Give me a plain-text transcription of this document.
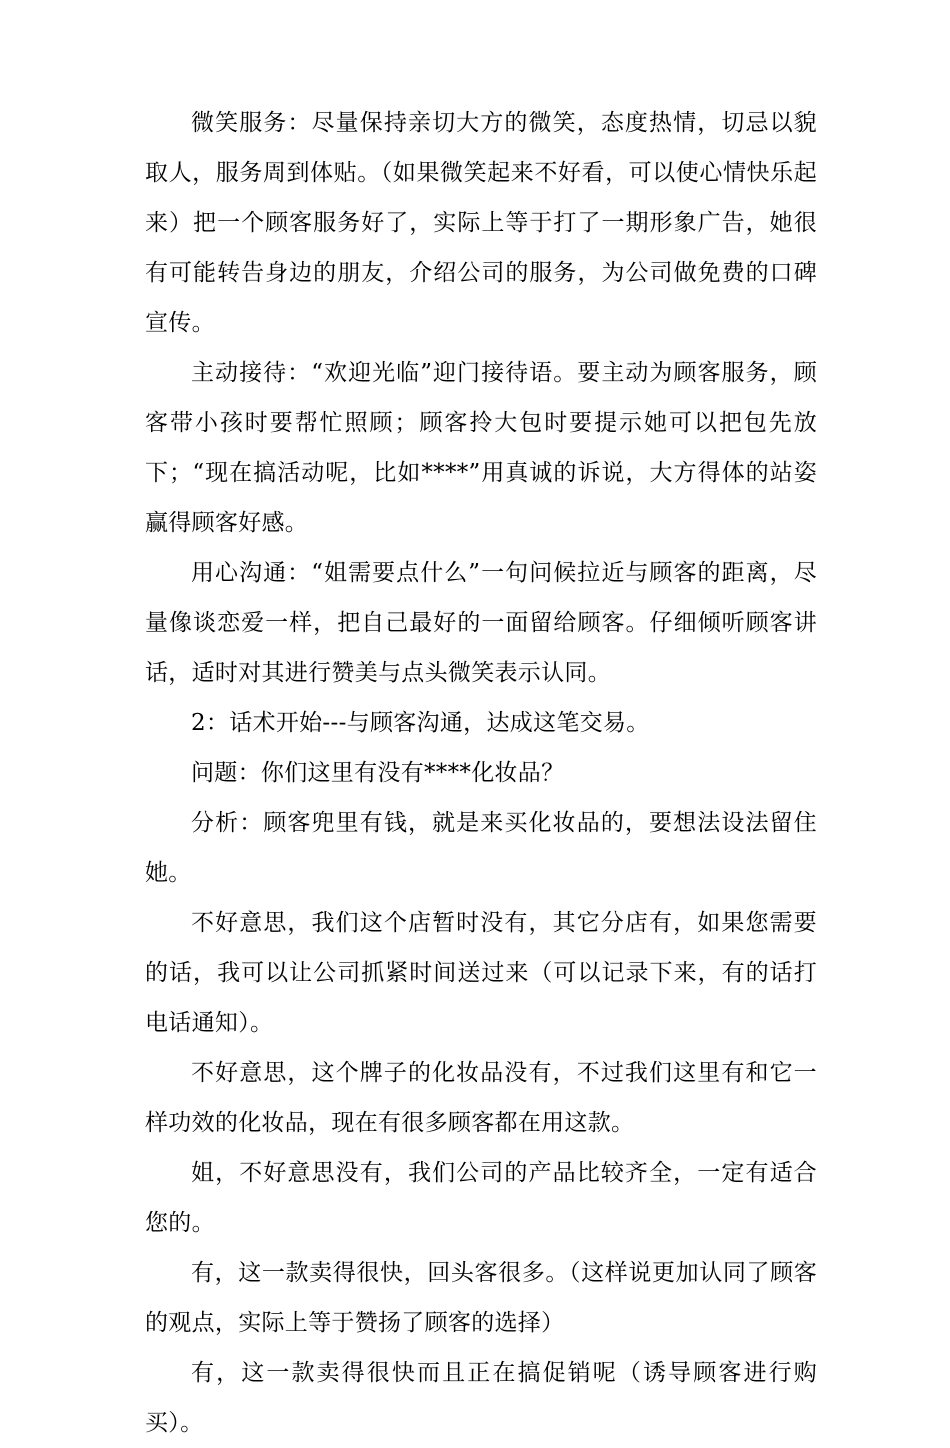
微笑服务：尽量保持亲切大方的微笑，态度热情，切忌以貌取人，服务周到体贴。（如果微笑起来不好看，可以使心情快乐起来）把一个顾客服务好了，实际上等于打了一期形象广告，她很有可能转告身边的朋友，介绍公司的服务，为公司做免费的口碑宣传。

主动接待：“欢迎光临”迎门接待语。要主动为顾客服务，顾客带小孩时要帮忙照顾；顾客拎大包时要提示她可以把包先放下；“现在搞活动呢，比如****”用真诚的诉说，大方得体的站姿赢得顾客好感。

用心沟通：“姐需要点什么”一句问候拉近与顾客的距离，尽量像谈恋爱一样，把自己最好的一面留给顾客。仔细倾听顾客讲话，适时对其进行赞美与点头微笑表示认同。

2：话术开始---与顾客沟通，达成这笔交易。

问题：你们这里有没有****化妆品？

分析：顾客兜里有钱，就是来买化妆品的，要想法设法留住她。

不好意思，我们这个店暂时没有，其它分店有，如果您需要的话，我可以让公司抓紧时间送过来（可以记录下来，有的话打电话通知）。

不好意思，这个牌子的化妆品没有，不过我们这里有和它一样功效的化妆品，现在有很多顾客都在用这款。

姐，不好意思没有，我们公司的产品比较齐全，一定有适合您的。

有，这一款卖得很快，回头客很多。（这样说更加认同了顾客的观点，实际上等于赞扬了顾客的选择）

有，这一款卖得很快而且正在搞促销呢（诱导顾客进行购买）。
